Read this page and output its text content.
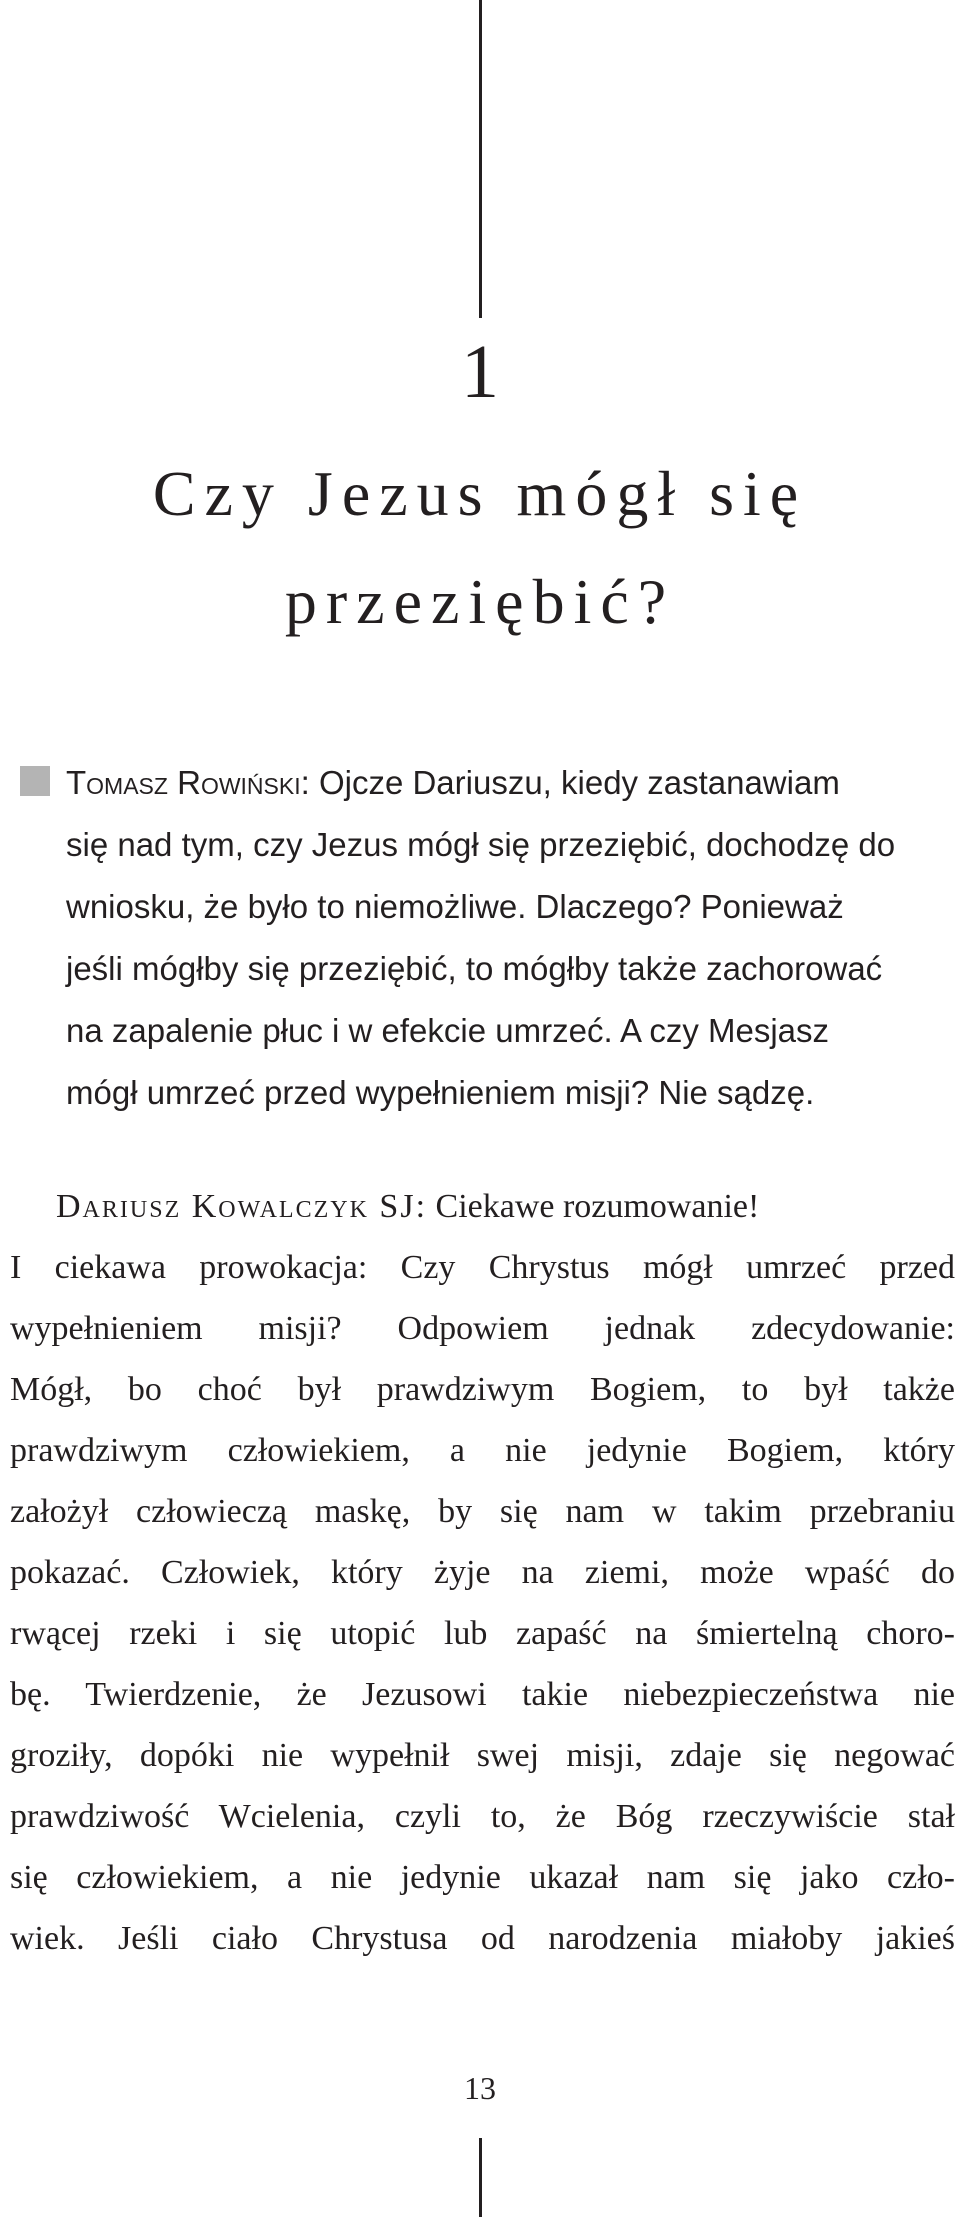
1
Czy Jezus mógł się
przeziębić?
Tomasz Rowiński: Ojcze Dariuszu, kiedy zastanawiam
się nad tym, czy Jezus mógł się przeziębić, dochodzę do
wniosku, że było to niemożliwe. Dlaczego? Ponieważ
jeśli mógłby się przeziębić, to mógłby także zachorować
na zapalenie płuc i w efekcie umrzeć. A czy Mesjasz
mógł umrzeć przed wypełnieniem misji? Nie sądzę.
Dariusz Kowalczyk SJ: Ciekawe rozumowanie!
I ciekawa prowokacja: Czy Chrystus mógł umrzeć przed
wypełnieniem misji? Odpowiem jednak zdecydowanie:
Mógł, bo choć był prawdziwym Bogiem, to był także
prawdziwym człowiekiem, a nie jedynie Bogiem, który
założył człowieczą maskę, by się nam w takim przebraniu
pokazać. Człowiek, który żyje na ziemi, może wpaść do
rwącej rzeki i się utopić lub zapaść na śmiertelną choro-
bę. Twierdzenie, że Jezusowi takie niebezpieczeństwa nie
groziły, dopóki nie wypełnił swej misji, zdaje się negować
prawdziwość Wcielenia, czyli to, że Bóg rzeczywiście stał
się człowiekiem, a nie jedynie ukazał nam się jako czło-
wiek. Jeśli ciało Chrystusa od narodzenia miałoby jakieś
13
